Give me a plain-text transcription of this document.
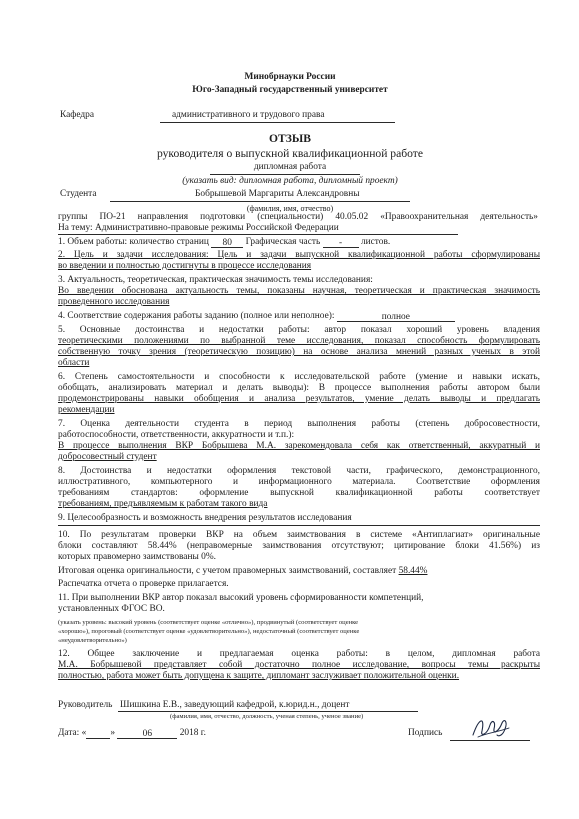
Минобрнауки России
Юго-Западный государственный университет
Кафедра	административного и трудового права
ОТЗЫВ
руководителя о выпускной квалификационной работе
дипломная работа
(указать вид: дипломная работа, дипломный проект)
Студента	Бобрышевой Маргариты Александровны
(фамилия, имя, отчество)
группы ПО-21 направления подготовки (специальности) 40.05.02 «Правоохранительная деятельность»
На тему: Административно-правовые режимы Российской Федерации
1. Объем работы: количество страниц 80 Графическая часть - листов.
2. Цель и задачи исследования: Цель и задачи выпускной квалификационной работы сформулированы
во введении и полностью достигнуты в процессе исследования
3. Актуальность, теоретическая, практическая значимость темы исследования:
Во введении обоснована актуальность темы, показаны научная, теоретическая и практическая значимость
проведенного исследования
4. Соответствие содержания работы заданию (полное или неполное):	полное
5. Основные достоинства и недостатки работы: автор показал хороший уровень владения
теоретическими положениями по выбранной теме исследования, показал способность формулировать
собственную точку зрения (теоретическую позицию) на основе анализа мнений разных ученых в этой
области
6. Степень самостоятельности и способности к исследовательской работе (умение и навыки искать,
обобщать, анализировать материал и делать выводы): В процессе выполнения работы автором были
продемонстрированы навыки обобщения и анализа результатов, умение делать выводы и предлагать
рекомендации
7. Оценка деятельности студента в период выполнения работы (степень добросовестности,
работоспособности, ответственности, аккуратности и т.п.):
В процессе выполнения ВКР Бобрышева М.А. зарекомендовала себя как ответственный, аккуратный и
добросовестный студент
8. Достоинства и недостатки оформления текстовой части, графического, демонстрационного,
иллюстративного, компьютерного и информационного материала. Соответствие оформления
требованиям стандартов: оформление выпускной квалификационной работы соответствует
требованиям, предъявляемым к работам такого вида
9. Целесообразность и возможность внедрения результатов исследования
10. По результатам проверки ВКР на объем заимствования в системе «Антиплагиат» оригинальные
блоки составляют 58.44% (неправомерные заимствования отсутствуют; цитирование блоки 41.56%) из
которых правомерно заимствованы 0%.
Итоговая оценка оригинальности, с учетом правомерных заимствований, составляет 58.44%
Распечатка отчета о проверке прилагается.
11. При выполнении ВКР автор показал высокий уровень сформированности компетенций,
установленных ФГОС ВО.
(указать уровень: высокий уровень (соответствует оценке «отлично»), продвинутый (соответствует оценке
«хорошо»), пороговый (соответствует оценке «удовлетворительно»), недостаточный (соответствует оценке
«неудовлетворительно»)
12. Общее заключение и предлагаемая оценка работы: в целом, дипломная работа
М.А. Бобрышевой представляет собой достаточно полное исследование, вопросы темы раскрыты
полностью, работа может быть допущена к защите, дипломант заслуживает положительной оценки.
Руководитель Шишкина Е.В., заведующий кафедрой, к.юрид.н., доцент
(фамилия, имя, отчество, должность, ученая степень, ученое звание)
Дата: «	»	06	2018 г.	Подпись
